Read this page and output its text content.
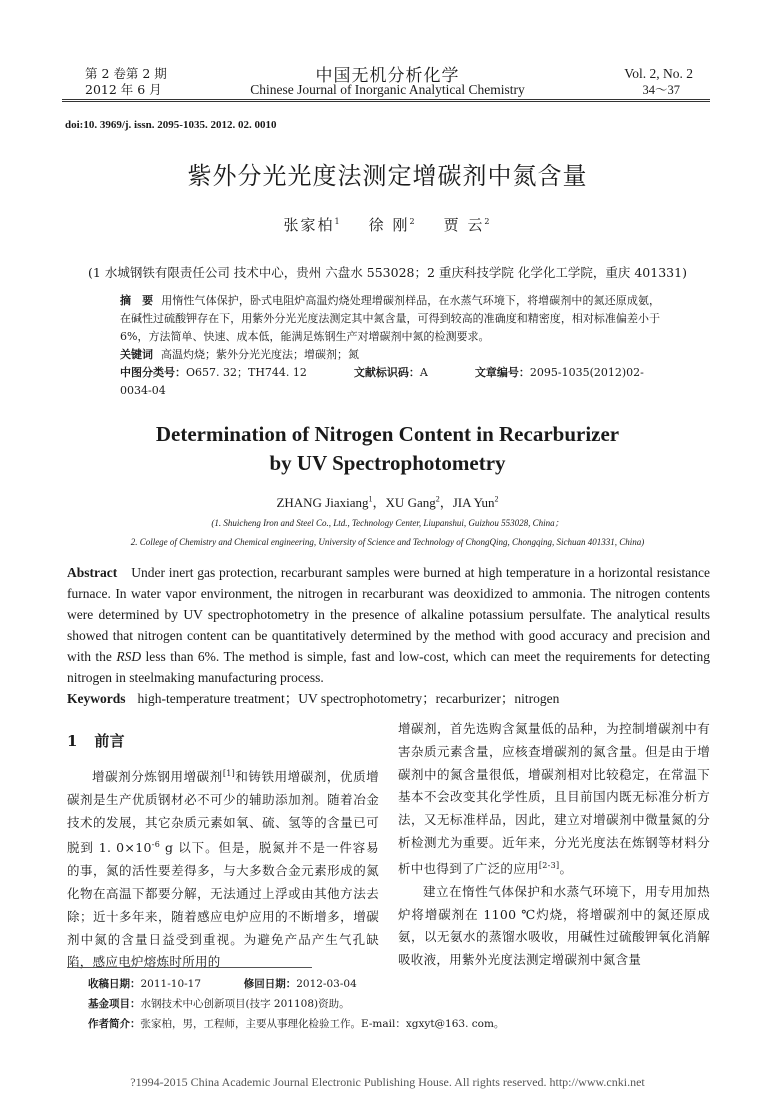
第 2 卷第 2 期
2012 年 6 月
中国无机分析化学
Chinese Journal of Inorganic Analytical Chemistry
Vol. 2, No. 2
34～37
doi:10. 3969/j. issn. 2095-1035. 2012. 02. 0010
紫外分光光度法测定增碳剂中氮含量
张家柏$^1$ 徐 刚$^2$ 贾 云$^2$
(1 水城钢铁有限责任公司 技术中心，贵州 六盘水 553028；2 重庆科技学院 化学化工学院，重庆 401331)

摘　要 用惰性气体保护，卧式电阻炉高温灼烧处理增碳剂样品，在水蒸气环境下，将增碳剂中的氮还原成氨，在碱性过硫酸钾存在下，用紫外分光光度法测定其中氮含量，可得到较高的准确度和精密度，相对标准偏差小于 6%，方法简单、快速、成本低，能满足炼钢生产对增碳剂中氮的检测要求。

关键词 高温灼烧；紫外分光光度法；增碳剂；氮

中图分类号：O657. 32；TH744. 12	文献标识码：A	文章编号：2095-1035(2012)02-0034-04

Determination of Nitrogen Content in Recarburizer
by UV Spectrophotometry
ZHANG Jiaxiang$^1$，XU Gang$^2$，JIA Yun$^2$
(1. Shuicheng Iron and Steel Co., Ltd., Technology Center, Liupanshui, Guizhou 553028, China；
2. College of Chemistry and Chemical engineering, University of Science and Technology of ChongQing, Chongqing, Sichuan 401331, China)

Abstract Under inert gas protection, recarburant samples were burned at high temperature in a horizontal resistance furnace. In water vapor environment, the nitrogen in recarburant was deoxidized to ammonia. The nitrogen contents were determined by UV spectrophotometry in the presence of alkaline potassium persulfate. The analytical results showed that nitrogen content can be quantitatively determined by the method with good accuracy and precision and with the RSD less than 6%. The method is simple, fast and low-cost, which can meet the requirements for detecting nitrogen in steelmaking manufacturing process.

Keywords high-temperature treatment；UV spectrophotometry；recarburizer；nitrogen

1 前言

增碳剂分炼钢用增碳剂[1]和铸铁用增碳剂，优质增碳剂是生产优质钢材必不可少的辅助添加剂。随着冶金技术的发展，其它杂质元素如氧、硫、氢等的含量已可脱到 1. $0\times 10^{-6}$ g 以下。但是，脱氮并不是一件容易的事，氮的活性要差得多，与大多数合金元素形成的氮化物在高温下都要分解，无法通过上浮或由其他方法去除；近十多年来，随着感应电炉应用的不断增多，增碳剂中氮的含量日益受到重视。为避免产品产生气孔缺陷，感应电炉熔炼时所用的

增碳剂，首先选购含氮量低的品种，为控制增碳剂中有害杂质元素含量，应核查增碳剂的氮含量。但是由于增碳剂中的氮含量很低，增碳剂相对比较稳定，在常温下基本不会改变其化学性质，且目前国内既无标准分析方法，又无标准样品，因此，建立对增碳剂中微量氮的分析检测尤为重要。近年来，分光光度法在炼钢等材料分析中也得到了广泛的应用[2-3]。

建立在惰性气体保护和水蒸气环境下，用专用加热炉将增碳剂在 1100 ℃灼烧，将增碳剂中的氮还原成氨，以无氨水的蒸馏水吸收，用碱性过硫酸钾氧化消解吸收液，用紫外光度法测定增碳剂中氮含量

收稿日期：2011-10-17	修回日期：2012-03-04
基金项目：水钢技术中心创新项目(技字 201108)资助。
作者简介：张家柏，男，工程师，主要从事理化检验工作。E-mail：xgxyt@163. com。
?1994-2015 China Academic Journal Electronic Publishing House. All rights reserved. http://www.cnki.net
